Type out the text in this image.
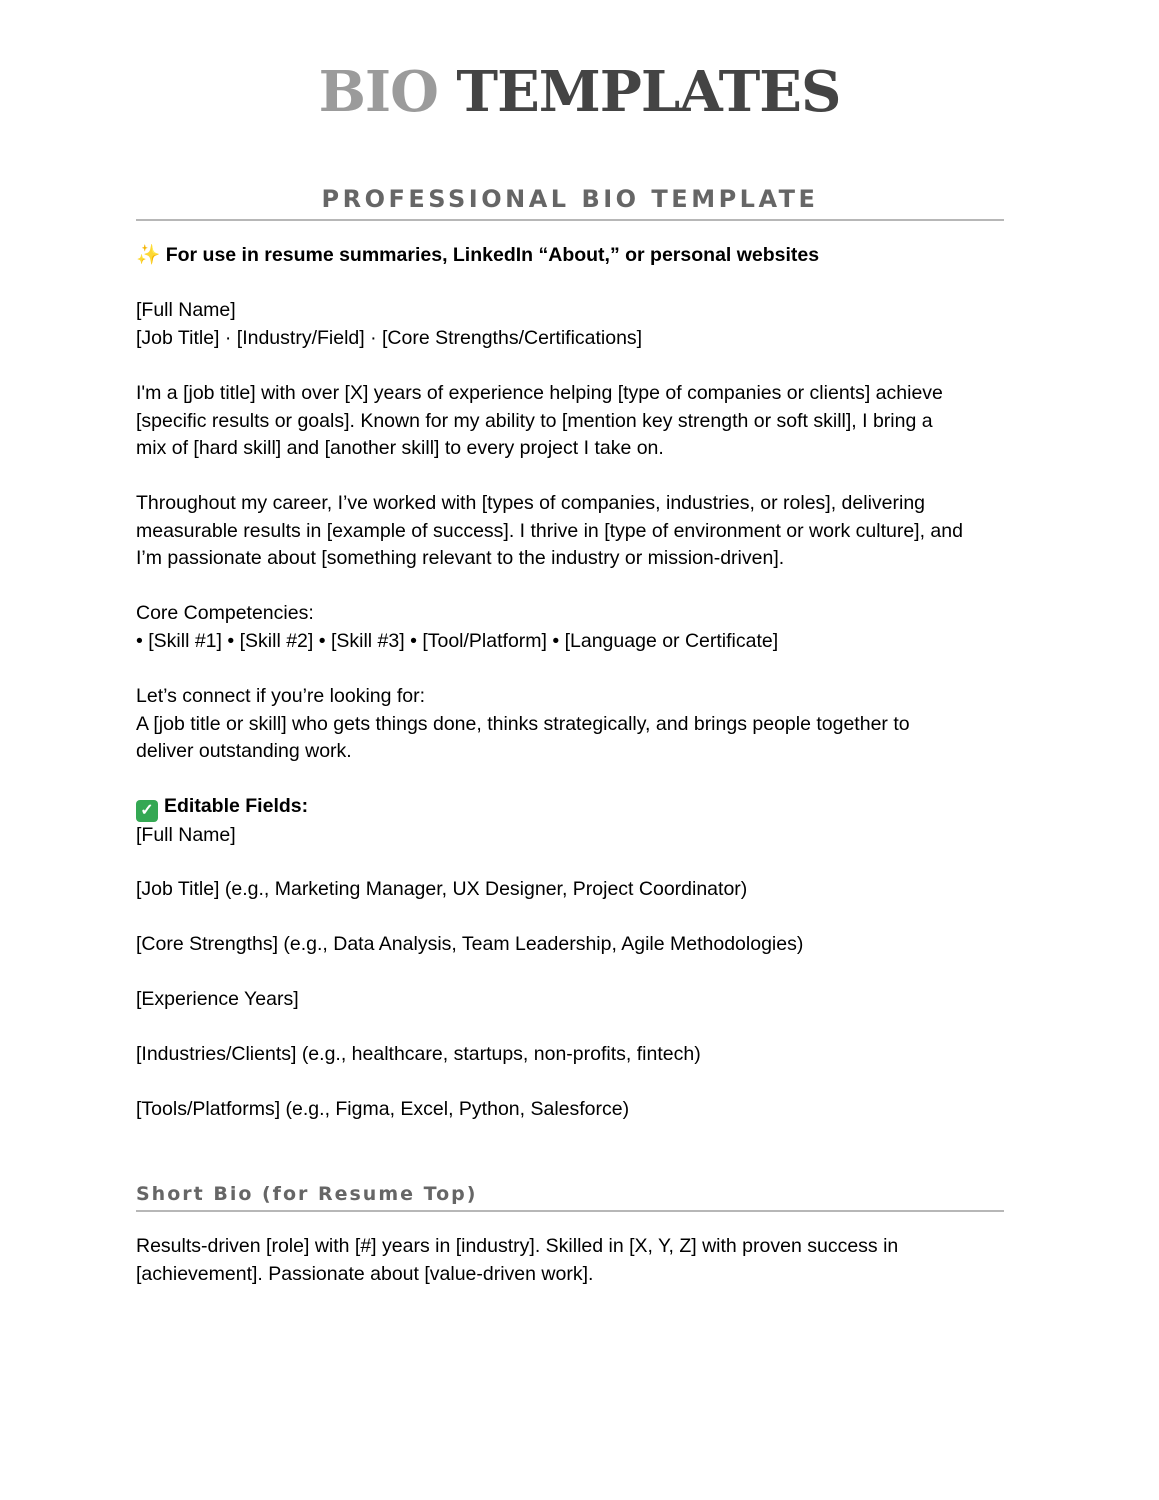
BIO TEMPLATES
PROFESSIONAL BIO TEMPLATE

✨ For use in resume summaries, LinkedIn “About,” or personal websites

[Full Name]

[Job Title] · [Industry/Field] · [Core Strengths/Certifications]

I'm a [job title] with over [X] years of experience helping [type of companies or clients] achieve

[specific results or goals]. Known for my ability to [mention key strength or soft skill], I bring a

mix of [hard skill] and [another skill] to every project I take on.

Throughout my career, I’ve worked with [types of companies, industries, or roles], delivering

measurable results in [example of success]. I thrive in [type of environment or work culture], and

I’m passionate about [something relevant to the industry or mission-driven].

Core Competencies:

• [Skill #1] • [Skill #2] • [Skill #3] • [Tool/Platform] • [Language or Certificate]

Let’s connect if you’re looking for:

A [job title or skill] who gets things done, thinks strategically, and brings people together to

deliver outstanding work.

✓ Editable Fields:

[Full Name]

[Job Title] (e.g., Marketing Manager, UX Designer, Project Coordinator)

[Core Strengths] (e.g., Data Analysis, Team Leadership, Agile Methodologies)

[Experience Years]

[Industries/Clients] (e.g., healthcare, startups, non-profits, fintech)

[Tools/Platforms] (e.g., Figma, Excel, Python, Salesforce)

Short Bio (for Resume Top)

Results-driven [role] with [#] years in [industry]. Skilled in [X, Y, Z] with proven success in

[achievement]. Passionate about [value-driven work].
